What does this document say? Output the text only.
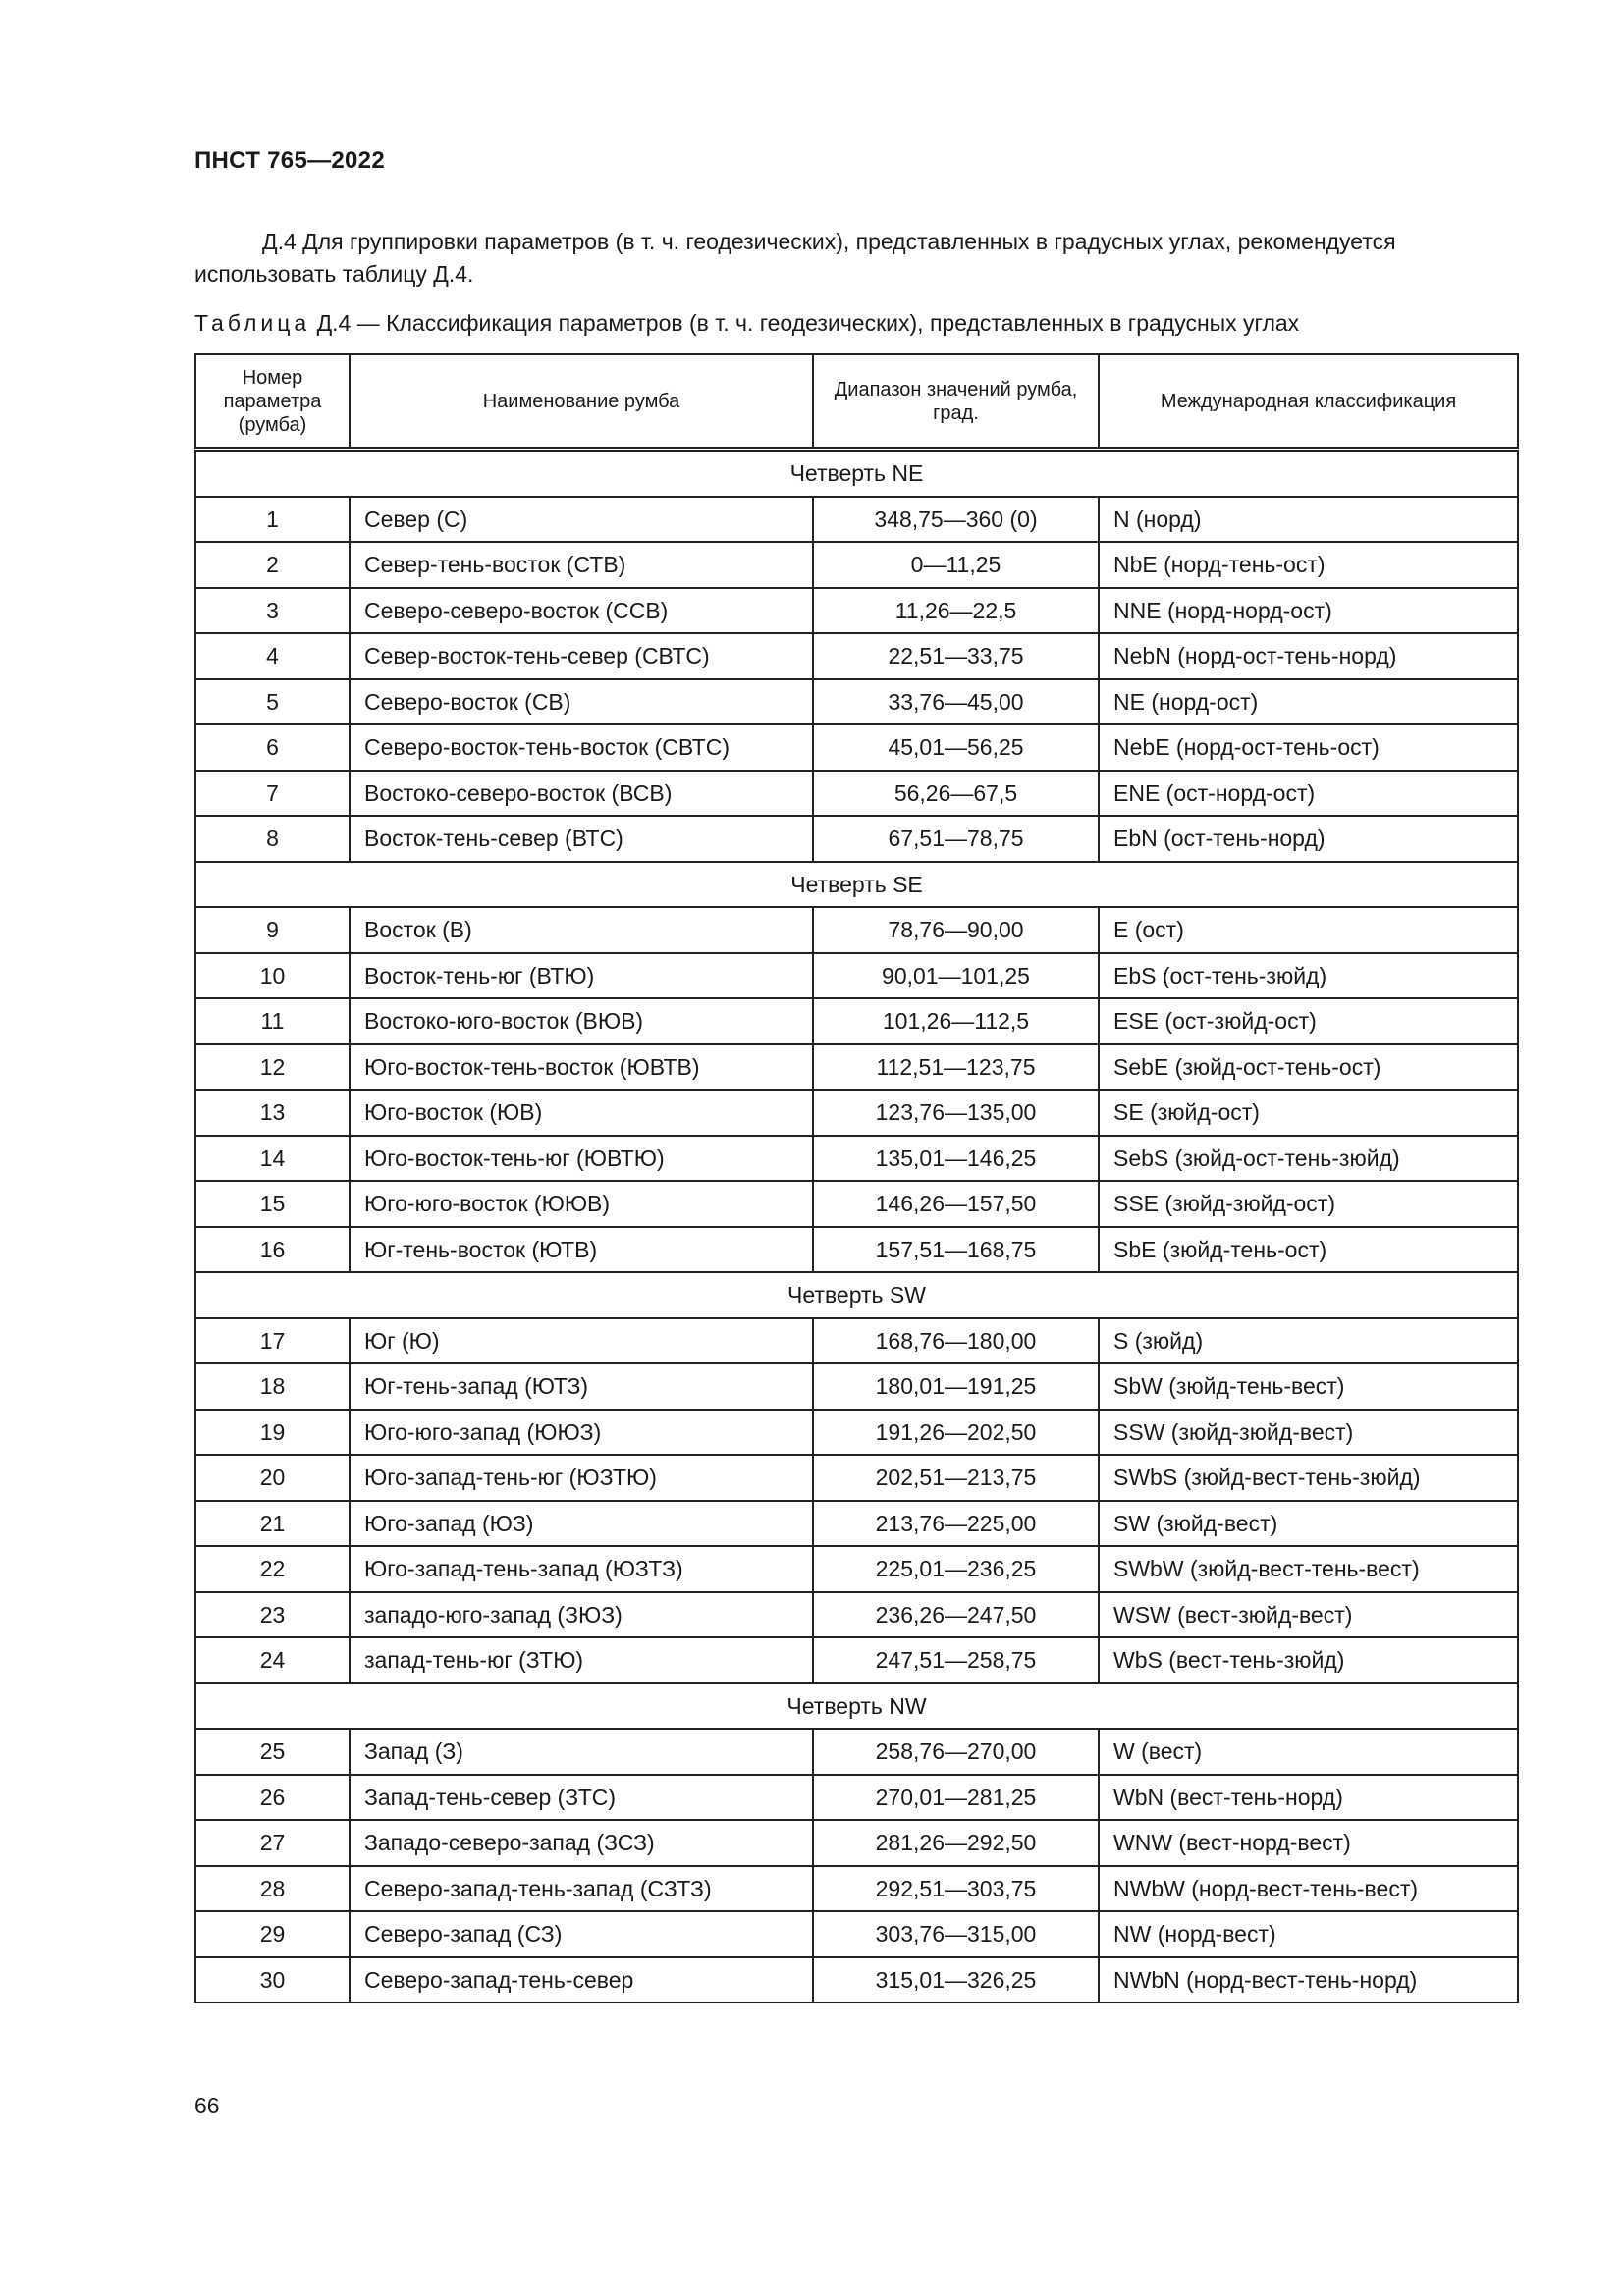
ПНСТ 765—2022

Д.4 Для группировки параметров (в т. ч. геодезических), представленных в градусных углах, рекомендуется использовать таблицу Д.4.

Таблица Д.4 — Классификация параметров (в т. ч. геодезических), представленных в градусных углах
Номер параметра (румба)	Наименование румба	Диапазон значений румба, град.	Международная классификация
Четверть NE			
1	Север (С)	348,75—360 (0)	N (норд)
2	Север-тень-восток (СТВ)	0—11,25	NbE (норд-тень-ост)
3	Северо-северо-восток (ССВ)	11,26—22,5	NNE (норд-норд-ост)
4	Север-восток-тень-север (СВТС)	22,51—33,75	NebN (норд-ост-тень-норд)
5	Северо-восток (СВ)	33,76—45,00	NE (норд-ост)
6	Северо-восток-тень-восток (СВТС)	45,01—56,25	NebE (норд-ост-тень-ост)
7	Востоко-северо-восток (ВСВ)	56,26—67,5	ENE (ост-норд-ост)
8	Восток-тень-север (ВТС)	67,51—78,75	EbN (ост-тень-норд)
Четверть SE			
9	Восток (В)	78,76—90,00	E (ост)
10	Восток-тень-юг (ВТЮ)	90,01—101,25	EbS (ост-тень-зюйд)
11	Востоко-юго-восток (ВЮВ)	101,26—112,5	ESE (ост-зюйд-ост)
12	Юго-восток-тень-восток (ЮВТВ)	112,51—123,75	SebE (зюйд-ост-тень-ост)
13	Юго-восток (ЮВ)	123,76—135,00	SE (зюйд-ост)
14	Юго-восток-тень-юг (ЮВТЮ)	135,01—146,25	SebS (зюйд-ост-тень-зюйд)
15	Юго-юго-восток (ЮЮВ)	146,26—157,50	SSE (зюйд-зюйд-ост)
16	Юг-тень-восток (ЮТВ)	157,51—168,75	SbE (зюйд-тень-ост)
Четверть SW			
17	Юг (Ю)	168,76—180,00	S (зюйд)
18	Юг-тень-запад (ЮТЗ)	180,01—191,25	SbW (зюйд-тень-вест)
19	Юго-юго-запад (ЮЮЗ)	191,26—202,50	SSW (зюйд-зюйд-вест)
20	Юго-запад-тень-юг (ЮЗТЮ)	202,51—213,75	SWbS (зюйд-вест-тень-зюйд)
21	Юго-запад (ЮЗ)	213,76—225,00	SW (зюйд-вест)
22	Юго-запад-тень-запад (ЮЗТЗ)	225,01—236,25	SWbW (зюйд-вест-тень-вест)
23	западо-юго-запад (ЗЮЗ)	236,26—247,50	WSW (вест-зюйд-вест)
24	запад-тень-юг (ЗТЮ)	247,51—258,75	WbS (вест-тень-зюйд)
Четверть NW			
25	Запад (З)	258,76—270,00	W (вест)
26	Запад-тень-север (ЗТС)	270,01—281,25	WbN (вест-тень-норд)
27	Западо-северо-запад (ЗСЗ)	281,26—292,50	WNW (вест-норд-вест)
28	Северо-запад-тень-запад (СЗТЗ)	292,51—303,75	NWbW (норд-вест-тень-вест)
29	Северо-запад (СЗ)	303,76—315,00	NW (норд-вест)
30	Северо-запад-тень-север	315,01—326,25	NWbN (норд-вест-тень-норд)
66
